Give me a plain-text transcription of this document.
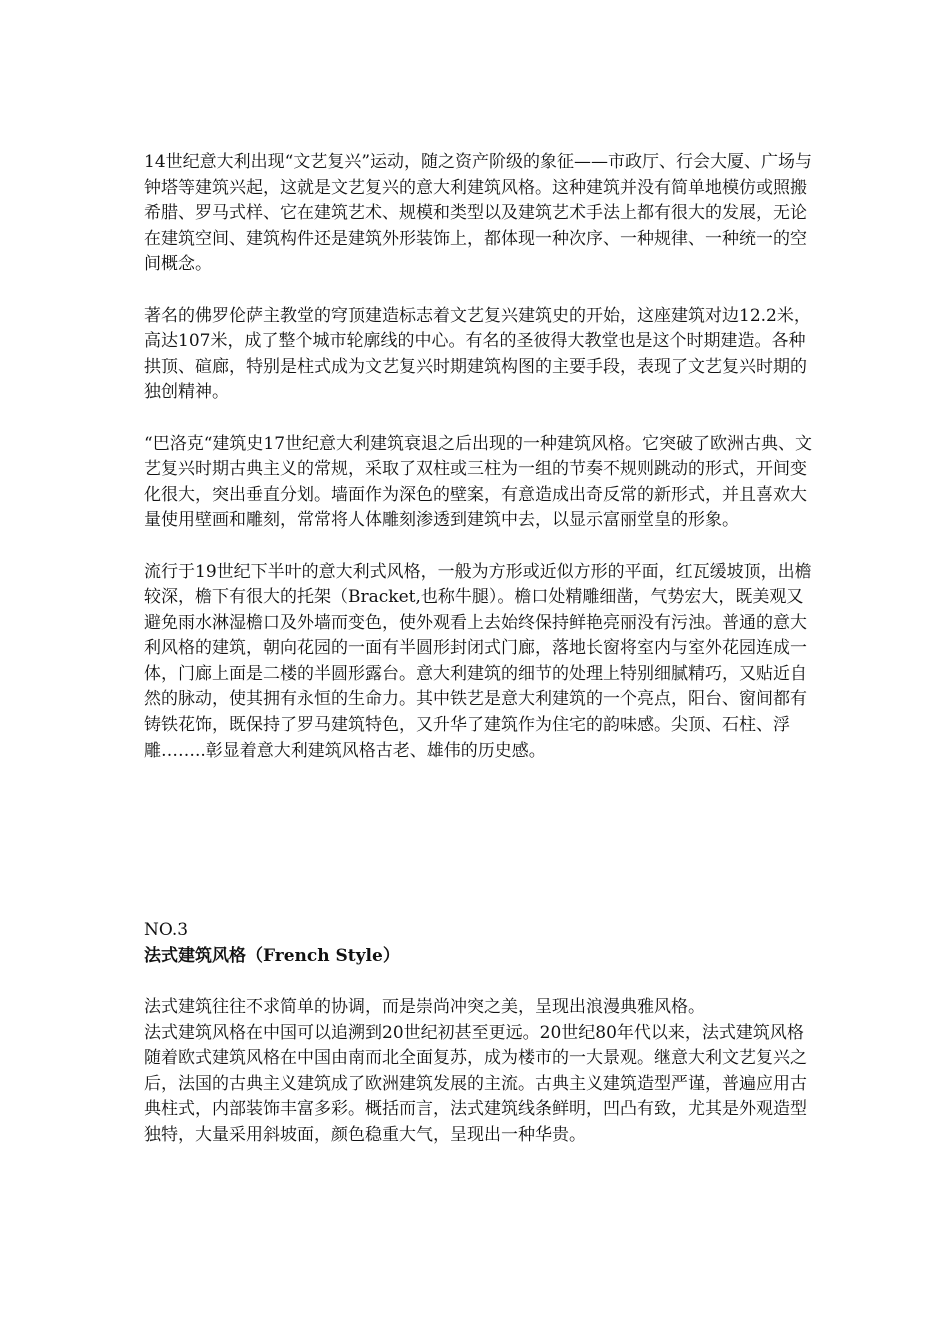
14世纪意大利出现“文艺复兴”运动，随之资产阶级的象征——市政厅、行会大厦、广场与钟塔等建筑兴起，这就是文艺复兴的意大利建筑风格。这种建筑并没有简单地模仿或照搬希腊、罗马式样、它在建筑艺术、规模和类型以及建筑艺术手法上都有很大的发展，无论在建筑空间、建筑构件还是建筑外形装饰上，都体现一种次序、一种规律、一种统一的空间概念。

著名的佛罗伦萨主教堂的穹顶建造标志着文艺复兴建筑史的开始，这座建筑对边12.2米，高达107米，成了整个城市轮廓线的中心。有名的圣彼得大教堂也是这个时期建造。各种拱顶、碹廊，特别是柱式成为文艺复兴时期建筑构图的主要手段，表现了文艺复兴时期的独创精神。

“巴洛克“建筑史17世纪意大利建筑衰退之后出现的一种建筑风格。它突破了欧洲古典、文艺复兴时期古典主义的常规，采取了双柱或三柱为一组的节奏不规则跳动的形式，开间变化很大，突出垂直分划。墙面作为深色的壁案，有意造成出奇反常的新形式，并且喜欢大量使用壁画和雕刻，常常将人体雕刻渗透到建筑中去，以显示富丽堂皇的形象。

流行于19世纪下半叶的意大利式风格，一般为方形或近似方形的平面，红瓦缓坡顶，出檐较深，檐下有很大的托架（Bracket,也称牛腿）。檐口处精雕细凿，气势宏大，既美观又避免雨水淋湿檐口及外墙而变色，使外观看上去始终保持鲜艳亮丽没有污浊。普通的意大利风格的建筑，朝向花园的一面有半圆形封闭式门廊，落地长窗将室内与室外花园连成一体，门廊上面是二楼的半圆形露台。意大利建筑的细节的处理上特别细腻精巧，又贴近自然的脉动，使其拥有永恒的生命力。其中铁艺是意大利建筑的一个亮点，阳台、窗间都有铸铁花饰，既保持了罗马建筑特色，又升华了建筑作为住宅的韵味感。尖顶、石柱、浮雕……..彰显着意大利建筑风格古老、雄伟的历史感。

NO.3

法式建筑风格（French Style）

法式建筑往往不求简单的协调，而是崇尚冲突之美，呈现出浪漫典雅风格。

法式建筑风格在中国可以追溯到20世纪初甚至更远。20世纪80年代以来，法式建筑风格随着欧式建筑风格在中国由南而北全面复苏，成为楼市的一大景观。继意大利文艺复兴之后，法国的古典主义建筑成了欧洲建筑发展的主流。古典主义建筑造型严谨，普遍应用古典柱式，内部装饰丰富多彩。概括而言，法式建筑线条鲜明，凹凸有致，尤其是外观造型独特，大量采用斜坡面，颜色稳重大气，呈现出一种华贵。
